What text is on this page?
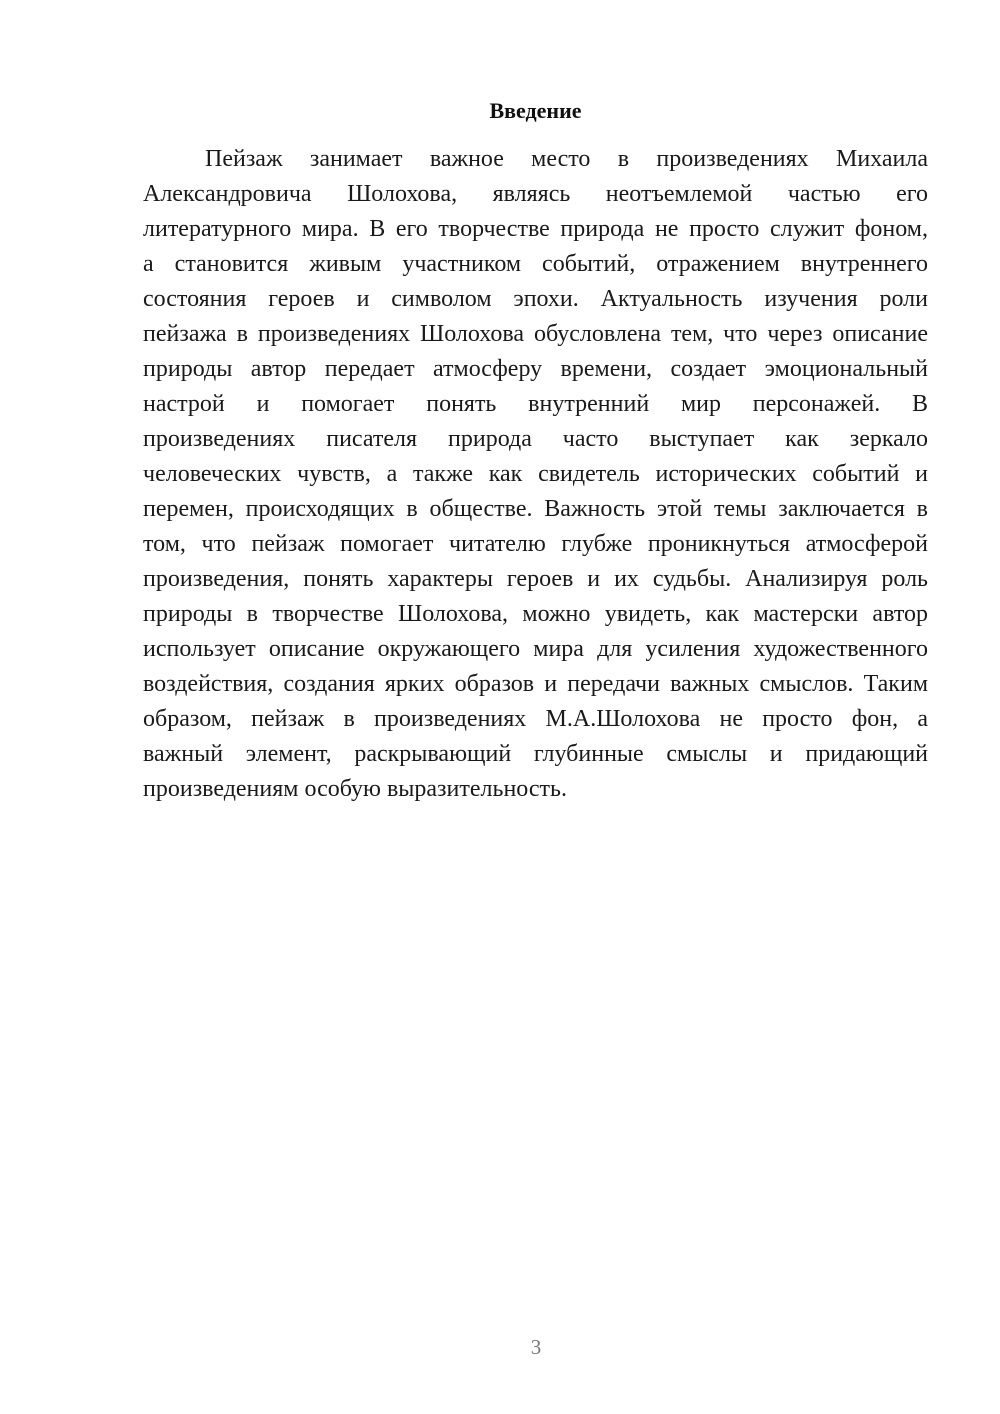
Введение
Пейзаж занимает важное место в произведениях Михаила
Александровича Шолохова, являясь неотъемлемой частью его
литературного мира. В его творчестве природа не просто служит фоном,
а становится живым участником событий, отражением внутреннего
состояния героев и символом эпохи. Актуальность изучения роли
пейзажа в произведениях Шолохова обусловлена тем, что через описание
природы автор передает атмосферу времени, создает эмоциональный
настрой и помогает понять внутренний мир персонажей. В
произведениях писателя природа часто выступает как зеркало
человеческих чувств, а также как свидетель исторических событий и
перемен, происходящих в обществе. Важность этой темы заключается в
том, что пейзаж помогает читателю глубже проникнуться атмосферой
произведения, понять характеры героев и их судьбы. Анализируя роль
природы в творчестве Шолохова, можно увидеть, как мастерски автор
использует описание окружающего мира для усиления художественного
воздействия, создания ярких образов и передачи важных смыслов. Таким
образом, пейзаж в произведениях М.А.Шолохова не просто фон, а
важный элемент, раскрывающий глубинные смыслы и придающий
произведениям особую выразительность.
3
